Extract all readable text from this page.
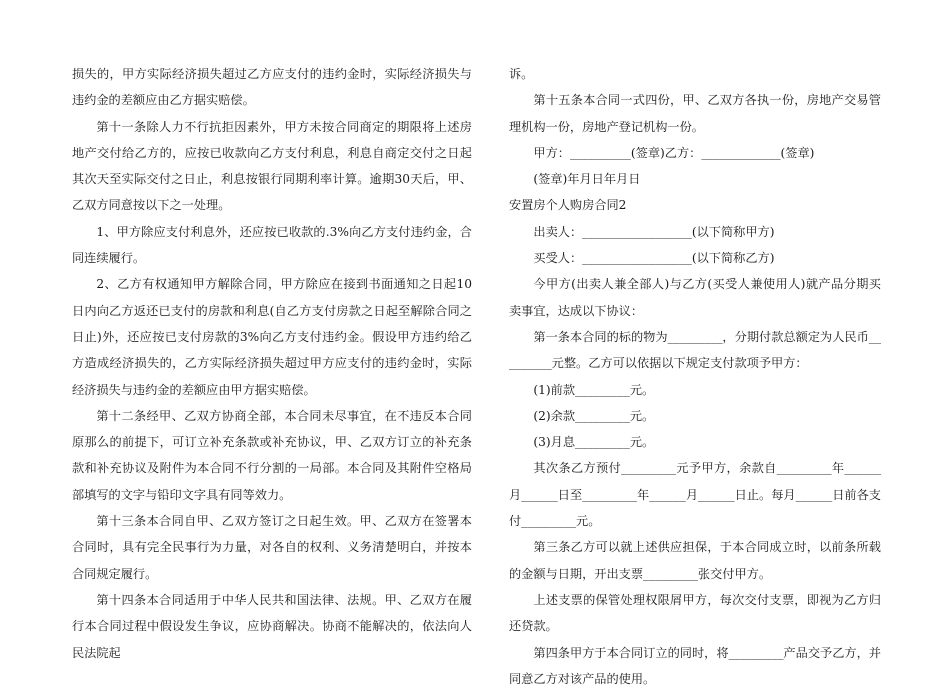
损失的，甲方实际经济损失超过乙方应支付的违约金时，实际经济损失与违约金的差额应由乙方据实赔偿。

第十一条除人力不行抗拒因素外，甲方未按合同商定的期限将上述房地产交付给乙方的，应按已收款向乙方支付利息，利息自商定交付之日起其次天至实际交付之日止，利息按银行同期利率计算。逾期30天后，甲、乙双方同意按以下之一处理。

1、甲方除应支付利息外，还应按已收款的.3%向乙方支付违约金，合同连续履行。

2、乙方有权通知甲方解除合同，甲方除应在接到书面通知之日起10日内向乙方返还已支付的房款和利息(自乙方支付房款之日起至解除合同之日止)外，还应按已支付房款的3%向乙方支付违约金。假设甲方违约给乙方造成经济损失的，乙方实际经济损失超过甲方应支付的违约金时，实际经济损失与违约金的差额应由甲方据实赔偿。

第十二条经甲、乙双方协商全部，本合同未尽事宜，在不违反本合同原那么的前提下，可订立补充条款或补充协议，甲、乙双方订立的补充条款和补充协议及附件为本合同不行分割的一局部。本合同及其附件空格局部填写的文字与铅印文字具有同等效力。

第十三条本合同自甲、乙双方签订之日起生效。甲、乙双方在签署本合同时，具有完全民事行为力量，对各自的权利、义务清楚明白，并按本合同规定履行。

第十四条本合同适用于中华人民共和国法律、法规。甲、乙双方在履行本合同过程中假设发生争议，应协商解决。协商不能解决的，依法向人民法院起

诉。

第十五条本合同一式四份，甲、乙双方各执一份，房地产交易管理机构一份，房地产登记机构一份。

甲方：__________(签章)乙方：_____________(签章)

(签章)年月日年月日

安置房个人购房合同2

出卖人：__________________(以下简称甲方)

买受人：__________________(以下简称乙方)

今甲方(出卖人兼全部人)与乙方(买受人兼使用人)就产品分期买卖事宜，达成以下协议：

第一条本合同的标的物为_________，分期付款总额定为人民币_________元整。乙方可以依据以下规定支付款项予甲方：

(1)前款_________元。

(2)余款_________元。

(3)月息_________元。

其次条乙方预付_________元予甲方，余款自_________年______月______日至_________年______月______日止。每月______日前各支付_________元。

第三条乙方可以就上述供应担保，于本合同成立时，以前条所载的金额与日期，开出支票_________张交付甲方。

上述支票的保管处理权限屑甲方，每次交付支票，即视为乙方归还贷款。

第四条甲方于本合同订立的同时，将_________产品交予乙方，并同意乙方对该产品的使用。
